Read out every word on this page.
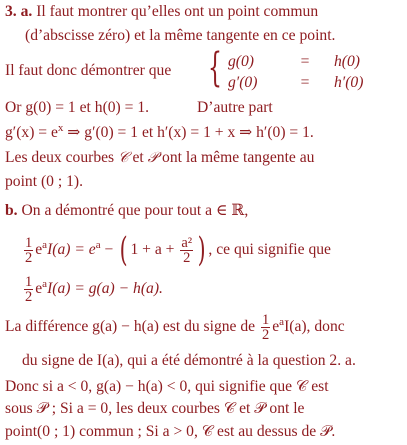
3. a. Il faut montrer qu’elles ont un point commun
(d’abscisse zéro) et la même tangente en ce point.
Il faut donc démontrer que { g(0)	= h(0)
g′(0)	= h′(0)
Or g(0) = 1 et h(0) = 1.	D’autre part
$g'(x) = e^x$ ⇒ g′(0) = 1 et h′(x) = 1 + x ⇒ h′(0) = 1.
Les deux courbes 𝒞 et 𝒫 ont la même tangente au
point (0 ; 1).
b. On a démontré que pour tout a ∈ ℝ,
$\frac{1}{2} e^aI(a) = e^a$ − ( $1 + a + \frac{\text{a²}}{2}$ ) , ce qui signifie que
$\frac{1}{2} e^aI(a) = g(a) - h(a)$.
La différence g(a) − h(a) est du signe de $\frac{1}{2} e^aI(a)$, donc
du signe de I(a), qui a été démontré à la question 2. a.
Donc si a < 0, g(a) − h(a) < 0, qui signifie que 𝒞 est
sous 𝒫 ; Si a = 0, les deux courbes 𝒞 et 𝒫 ont le
point(0 ; 1) commun ; Si a > 0, 𝒞 est au dessus de 𝒫.
